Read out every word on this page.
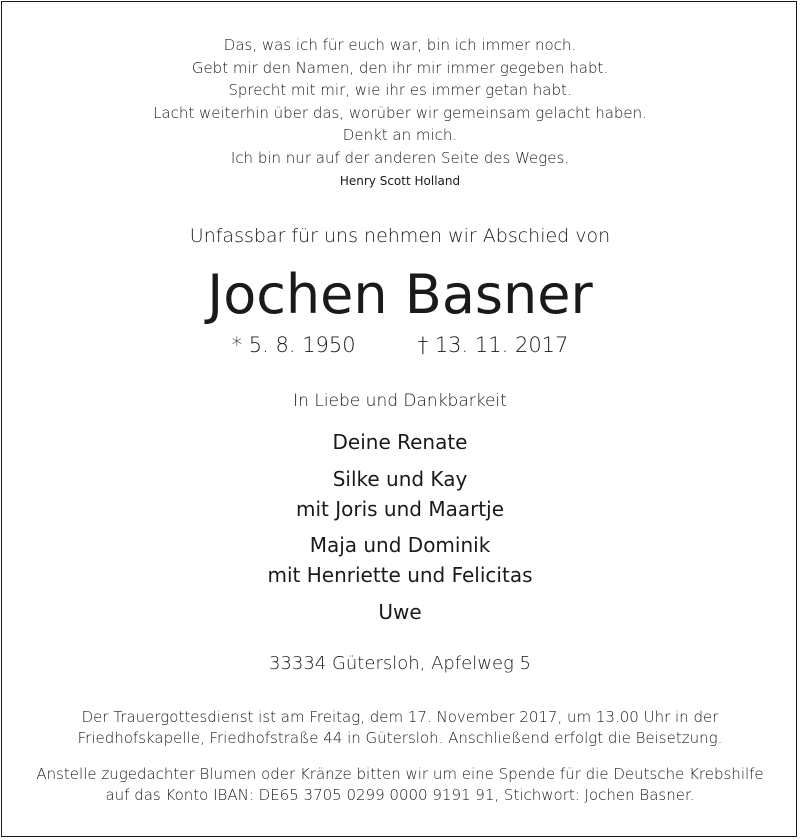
Das, was ich für euch war, bin ich immer noch.
Gebt mir den Namen, den ihr mir immer gegeben habt.
Sprecht mit mir, wie ihr es immer getan habt.
Lacht weiterhin über das, worüber wir gemeinsam gelacht haben.
Denkt an mich.
Ich bin nur auf der anderen Seite des Weges.
Henry Scott Holland
Unfassbar für uns nehmen wir Abschied von
Jochen Basner
* 5. 8. 1950	† 13. 11. 2017
In Liebe und Dankbarkeit
Deine Renate
Silke und Kay
mit Joris und Maartje
Maja und Dominik
mit Henriette und Felicitas
Uwe
33334 Gütersloh, Apfelweg 5
Der Trauergottesdienst ist am Freitag, dem 17. November 2017, um 13.00 Uhr in der
Friedhofskapelle, Friedhofstraße 44 in Gütersloh. Anschließend erfolgt die Beisetzung.
Anstelle zugedachter Blumen oder Kränze bitten wir um eine Spende für die Deutsche Krebshilfe
auf das Konto IBAN: DE65 3705 0299 0000 9191 91, Stichwort: Jochen Basner.
